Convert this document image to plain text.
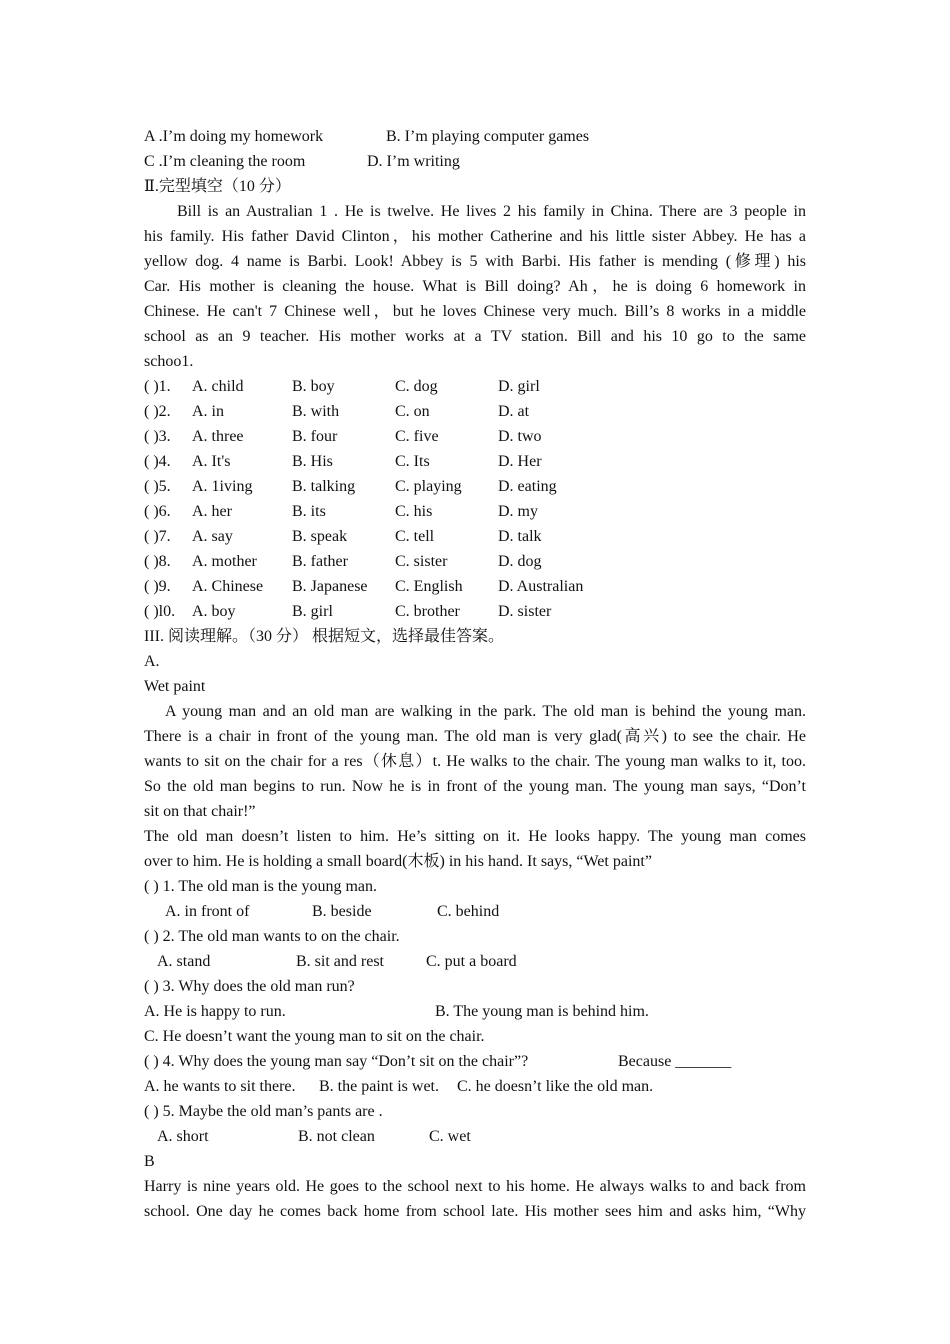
A .I’m doing my homework	B. I’m playing computer games
C .I’m cleaning the room	D. I’m writing
Ⅱ.完型填空（10 分）
Bill is an Australian 1 . He is twelve. He lives 2 his family in China. There are 3 people in
his family. His father David Clinton，his mother Catherine and his little sister Abbey. He has a
yellow dog. 4 name is Barbi. Look! Abbey is 5 with Barbi. His father is mending (修理) his
Car. His mother is cleaning the house. What is Bill doing? Ah，he is doing 6 homework in
Chinese. He can't 7 Chinese well，but he loves Chinese very much. Bill’s 8 works in a middle
school as an 9 teacher. His mother works at a TV station. Bill and his 10 go to the same
schoo1.
( )1. A. child	B. boy	C. dog	D. girl
( )2. A. in	B. with	C. on	D. at
( )3. A. three	B. four	C. five	D. two
( )4. A. It's	B. His	C. Its	D. Her
( )5.A. 1iving B. talking C. playing D. eating
( )6. A. her	B. its	C. his	D. my
( )7. A. say	B. speak	C. tell	D. talk
( )8. A. mother B. father	C. sister	D. dog
( )9. A. Chinese B. Japanese C. English D. Australian
( )l0. A. boy	B. girl	C. brother D. sister
III. 阅读理解。（30 分） 根据短文，选择最佳答案。
A.
Wet paint
A young man and an old man are walking in the park. The old man is behind the young man.
There is a chair in front of the young man. The old man is very glad(高兴) to see the chair. He
wants to sit on the chair for a res（休息）t. He walks to the chair. The young man walks to it, too.
So the old man begins to run. Now he is in front of the young man. The young man says, “Don’t
sit on that chair!”
The old man doesn’t listen to him. He’s sitting on it. He looks happy. The young man comes
over to him. He is holding a small board(木板) in his hand. It says, “Wet paint”
( ) 1. The old man is the young man.
A. in front of	B. beside	C. behind
( ) 2. The old man wants to on the chair.
A. stand	B. sit and rest	C. put a board
( ) 3. Why does the old man run?
A. He is happy to run.	B. The young man is behind him.
C. He doesn’t want the young man to sit on the chair.
( ) 4. Why does the young man say “Don’t sit on the chair”?	Because _______
A. he wants to sit there. B. the paint is wet. C. he doesn’t like the old man.
( ) 5. Maybe the old man’s pants are .
A. short	B. not clean	C. wet
B
Harry is nine years old. He goes to the school next to his home. He always walks to and back from
school. One day he comes back home from school late. His mother sees him and asks him, “Why
